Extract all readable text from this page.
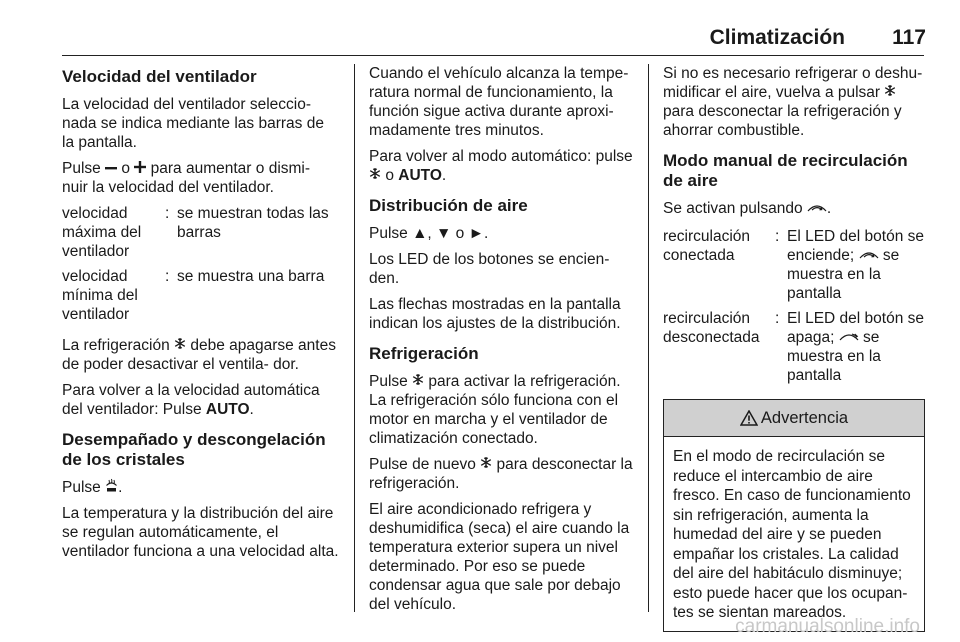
Climatización 117
Velocidad del ventilador

La velocidad del ventilador seleccio- nada se indica mediante las barras de la pantalla.

Pulse o para aumentar o dismi- nuir la velocidad del ventilador.

velocidad máxima del ventilador
: se muestran todas las barras
velocidad mínima del ventilador
: se muestra una barra

La refrigeración debe apagarse antes de poder desactivar el ventila- dor.

Para volver a la velocidad automática del ventilador: Pulse AUTO.

Desempañado y descongelación de los cristales

Pulse .

La temperatura y la distribución del aire se regulan automáticamente, el ventilador funciona a una velocidad alta.

Cuando el vehículo alcanza la tempe- ratura normal de funcionamiento, la función sigue activa durante aproxi- madamente tres minutos.

Para volver al modo automático: pulse  o AUTO.

Distribución de aire

Pulse ▲, ▼ o ►.

Los LED de los botones se encien- den.

Las flechas mostradas en la pantalla indican los ajustes de la distribución.

Refrigeración

Pulse para activar la refrigeración. La refrigeración sólo funciona con el motor en marcha y el ventilador de climatización conectado.

Pulse de nuevo para desconectar la refrigeración.

El aire acondicionado refrigera y deshumidifica (seca) el aire cuando la temperatura exterior supera un nivel determinado. Por eso se puede condensar agua que sale por debajo del vehículo.

Si no es necesario refrigerar o deshu- midificar el aire, vuelva a pulsar  para desconectar la refrigeración y ahorrar combustible.

Modo manual de recirculación de aire

Se activan pulsando .

recirculación conectada
: El LED del botón se enciende; se muestra en la pantalla
recirculación desconectada
: El LED del botón se apaga; se muestra en la pantalla
Advertencia
En el modo de recirculación se reduce el intercambio de aire fresco. En caso de funcionamiento sin refrigeración, aumenta la humedad del aire y se pueden empañar los cristales. La calidad del aire del habitáculo disminuye; esto puede hacer que los ocupan- tes se sientan mareados.
carmanualsonline.info
